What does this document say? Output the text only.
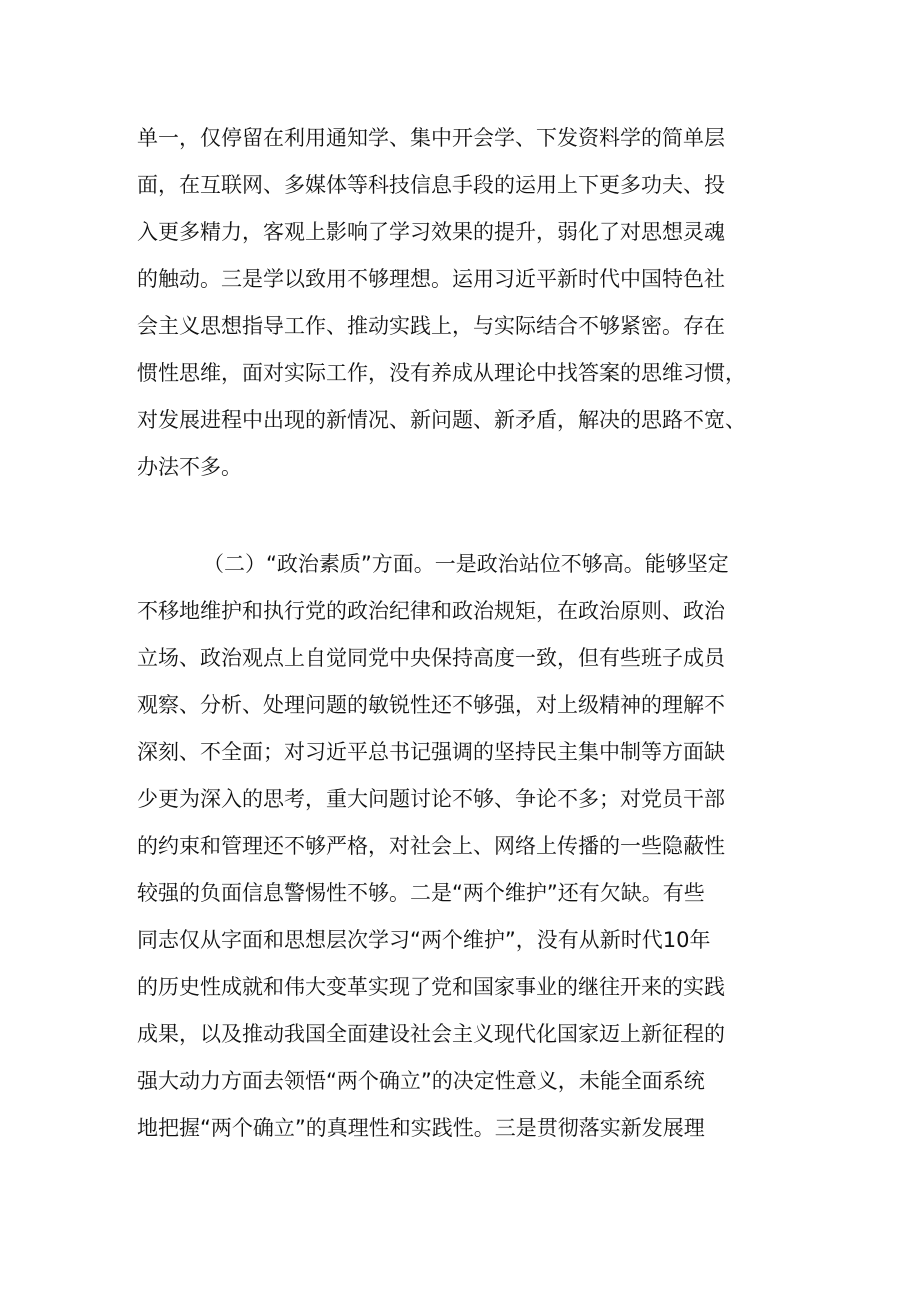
单一，仅停留在利用通知学、集中开会学、下发资料学的简单层
面，在互联网、多媒体等科技信息手段的运用上下更多功夫、投
入更多精力，客观上影响了学习效果的提升，弱化了对思想灵魂
的触动。三是学以致用不够理想。运用习近平新时代中国特色社
会主义思想指导工作、推动实践上，与实际结合不够紧密。存在
惯性思维，面对实际工作，没有养成从理论中找答案的思维习惯，
对发展进程中出现的新情况、新问题、新矛盾，解决的思路不宽、
办法不多。
（二）“政治素质”方面。一是政治站位不够高。能够坚定
不移地维护和执行党的政治纪律和政治规矩，在政治原则、政治
立场、政治观点上自觉同党中央保持高度一致，但有些班子成员
观察、分析、处理问题的敏锐性还不够强，对上级精神的理解不
深刻、不全面；对习近平总书记强调的坚持民主集中制等方面缺
少更为深入的思考，重大问题讨论不够、争论不多；对党员干部
的约束和管理还不够严格，对社会上、网络上传播的一些隐蔽性
较强的负面信息警惕性不够。二是“两个维护”还有欠缺。有些
同志仅从字面和思想层次学习“两个维护”，没有从新时代10年
的历史性成就和伟大变革实现了党和国家事业的继往开来的实践
成果，以及推动我国全面建设社会主义现代化国家迈上新征程的
强大动力方面去领悟“两个确立”的决定性意义，未能全面系统
地把握“两个确立”的真理性和实践性。三是贯彻落实新发展理
